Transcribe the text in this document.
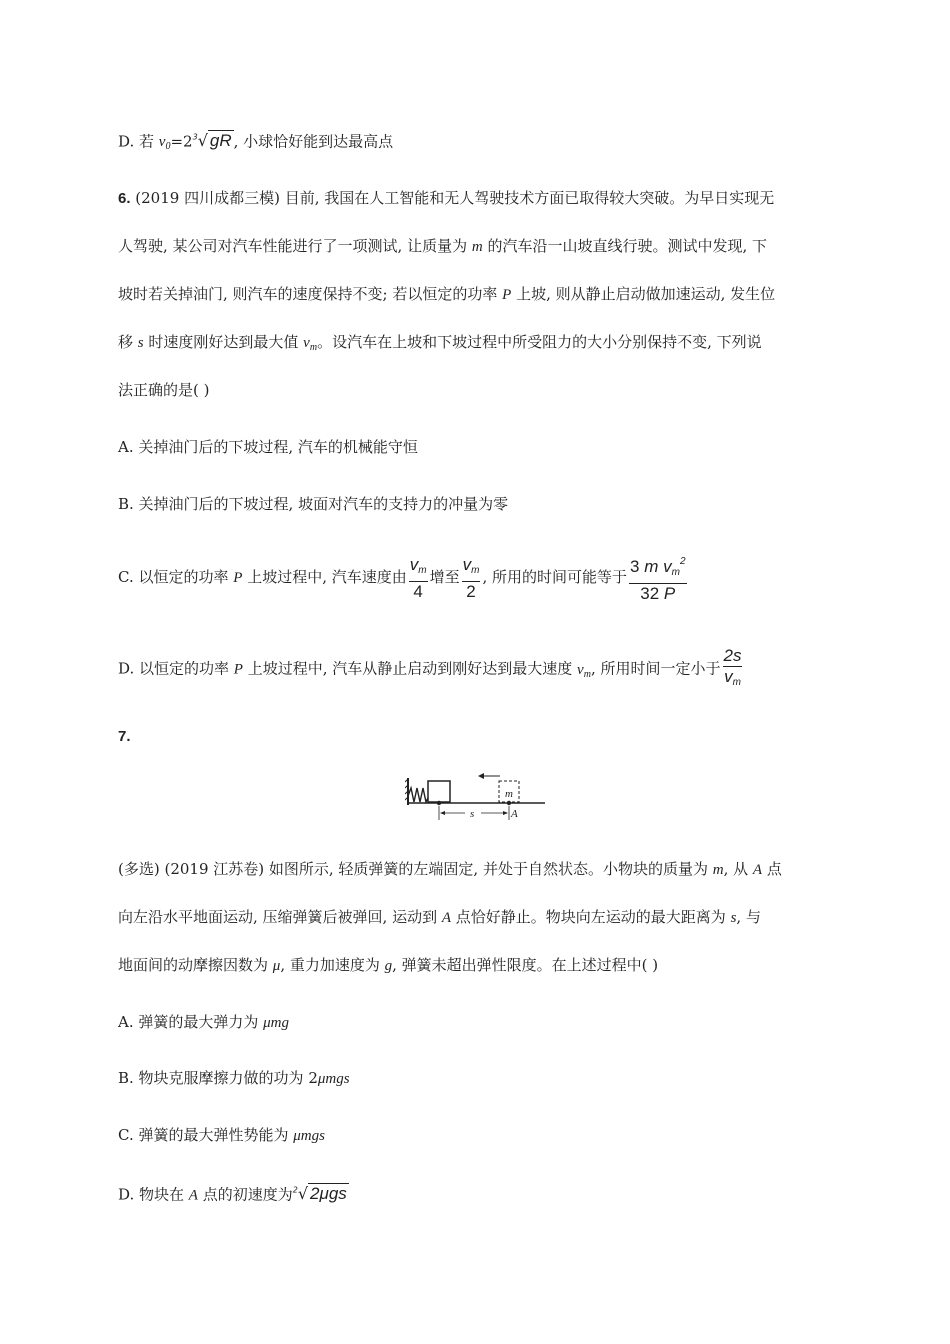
D. 若 $v_0=2^3√$ gR , 小球恰好能到达最高点
6. (2019 四川成都三模) 目前, 我国在人工智能和无人驾驶技术方面已取得较大突破。为早日实现无
人驾驶, 某公司对汽车性能进行了一项测试, 让质量为 m 的汽车沿一山坡直线行驶。测试中发现, 下
坡时若关掉油门, 则汽车的速度保持不变; 若以恒定的功率 P 上坡, 则从静止启动做加速运动, 发生位
移 s 时速度刚好达到最大值 $v_m$。设汽车在上坡和下坡过程中所受阻力的大小分别保持不变, 下列说
法正确的是( )
A. 关掉油门后的下坡过程, 汽车的机械能守恒
B. 关掉油门后的下坡过程, 坡面对汽车的支持力的冲量为零
C. 以恒定的功率 P 上坡过程中, 汽车速度由 $\frac{v_m}{4}$ 增至 $\frac{v_m}{2}$ , 所用的时间可能等于 $\frac{3 m v_m^2}{32 P}$
D. 以恒定的功率 P 上坡过程中, 汽车从静止启动到刚好达到最大速度 $v_m$, 所用时间一定小于 $\frac{2s}{v_m}$
7.
m
s	A
(多选) (2019 江苏卷) 如图所示, 轻质弹簧的左端固定, 并处于自然状态。小物块的质量为 m, 从 A 点
向左沿水平地面运动, 压缩弹簧后被弹回, 运动到 A 点恰好静止。物块向左运动的最大距离为 s, 与
地面间的动摩擦因数为 μ, 重力加速度为 g, 弹簧未超出弹性限度。在上述过程中( )
A. 弹簧的最大弹力为 μmg
B. 物块克服摩擦力做的功为 2μmgs
C. 弹簧的最大弹性势能为 μmgs
D. 物块在 A 点的初速度为$^2$√ 2μgs
